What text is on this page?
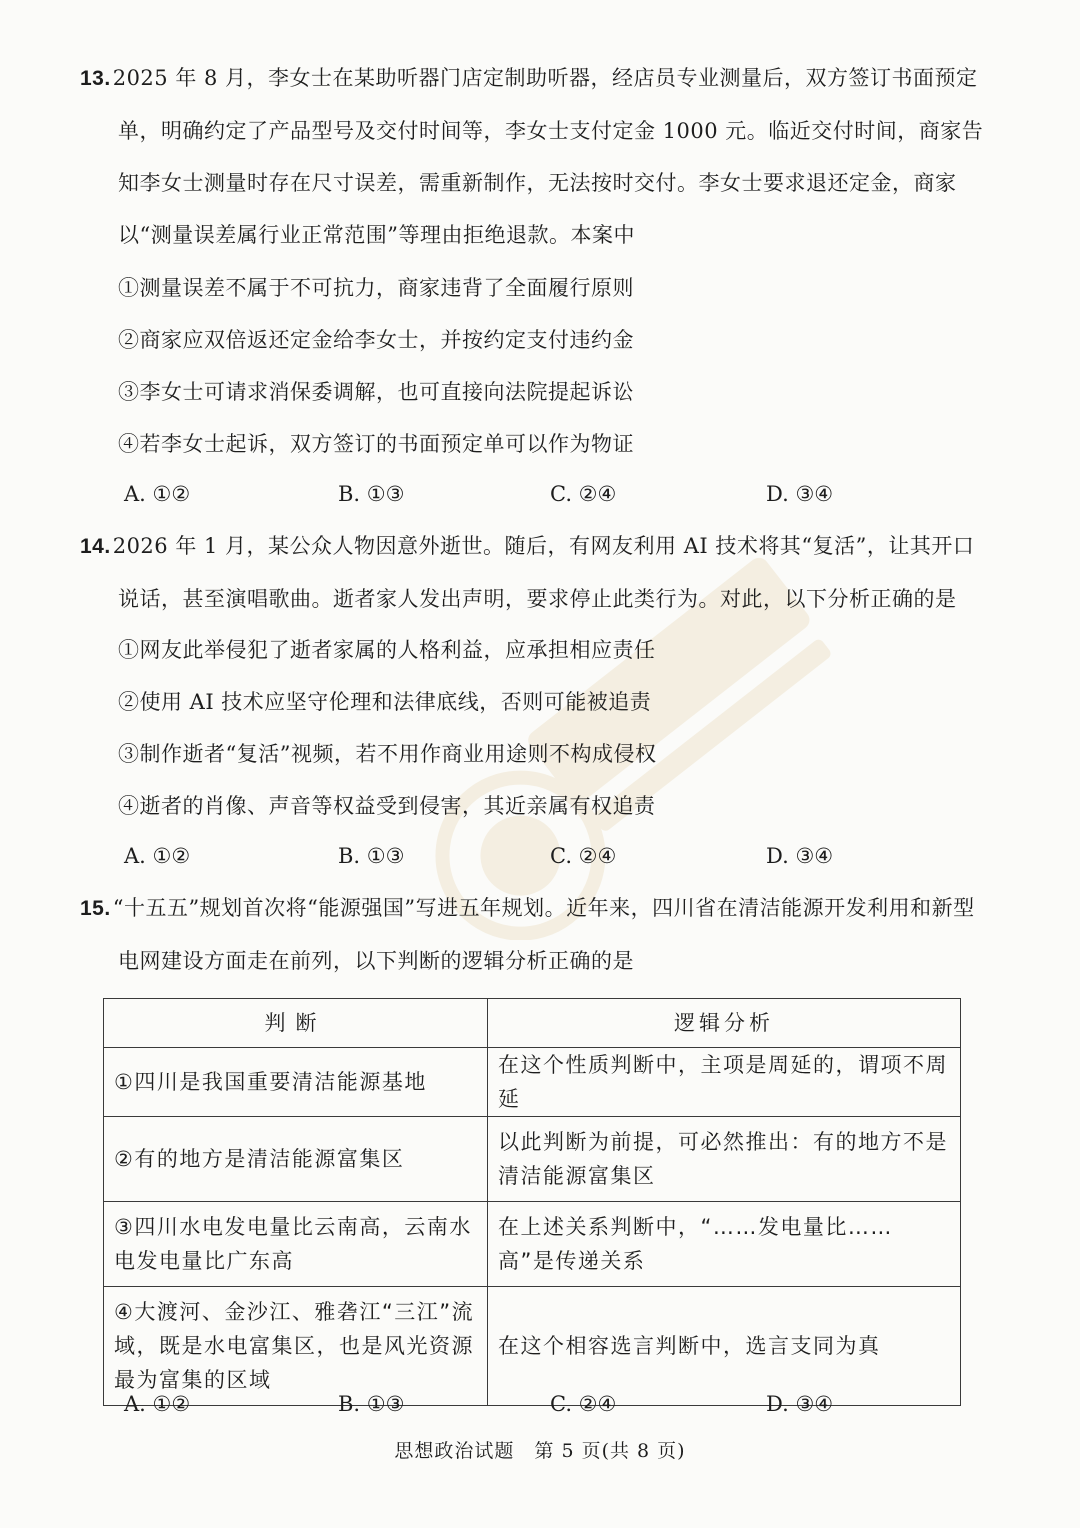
13.2025 年 8 月，李女士在某助听器门店定制助听器，经店员专业测量后，双方签订书面预定单，明确约定了产品型号及交付时间等，李女士支付定金 1000 元。临近交付时间，商家告知李女士测量时存在尺寸误差，需重新制作，无法按时交付。李女士要求退还定金，商家以“测量误差属行业正常范围”等理由拒绝退款。本案中
①测量误差不属于不可抗力，商家违背了全面履行原则
②商家应双倍返还定金给李女士，并按约定支付违约金
③李女士可请求消保委调解，也可直接向法院提起诉讼
④若李女士起诉，双方签订的书面预定单可以作为物证
A. ①②	B. ①③	C. ②④	D. ③④
14.2026 年 1 月，某公众人物因意外逝世。随后，有网友利用 AI 技术将其“复活”，让其开口说话，甚至演唱歌曲。逝者家人发出声明，要求停止此类行为。对此，以下分析正确的是
①网友此举侵犯了逝者家属的人格利益，应承担相应责任
②使用 AI 技术应坚守伦理和法律底线，否则可能被追责
③制作逝者“复活”视频，若不用作商业用途则不构成侵权
④逝者的肖像、声音等权益受到侵害，其近亲属有权追责
A. ①②	B. ①③	C. ②④	D. ③④
15.“十五五”规划首次将“能源强国”写进五年规划。近年来，四川省在清洁能源开发利用和新型电网建设方面走在前列，以下判断的逻辑分析正确的是
判断	逻辑分析
①四川是我国重要清洁能源基地	在这个性质判断中，主项是周延的，谓项不周延
②有的地方是清洁能源富集区	以此判断为前提，可必然推出：有的地方不是清洁能源富集区
③四川水电发电量比云南高，云南水电发电量比广东高	在上述关系判断中，“……发电量比……高”是传递关系
④大渡河、金沙江、雅砻江“三江”流域，既是水电富集区，也是风光资源最为富集的区域	在这个相容选言判断中，选言支同为真
A. ①②	B. ①③	C. ②④	D. ③④
思想政治试题　第 5 页(共 8 页)
